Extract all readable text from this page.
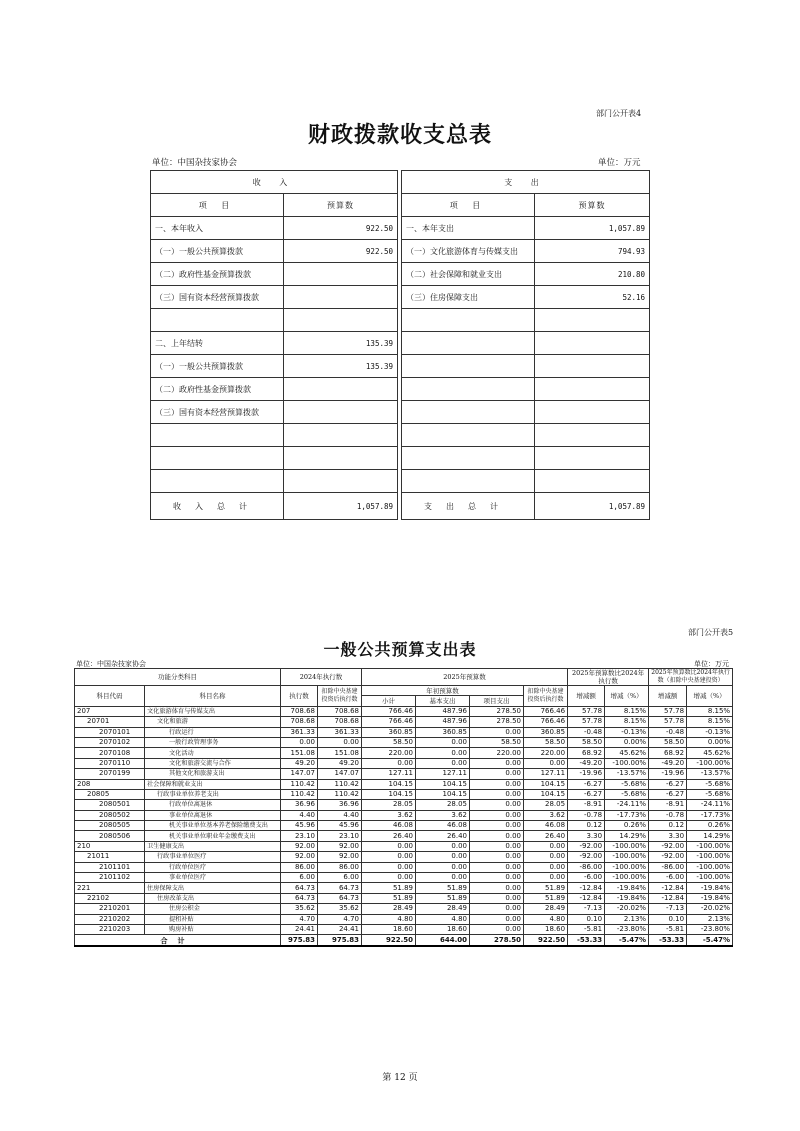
部门公开表4
财政拨款收支总表
单位：中国杂技家协会	单位：万元
收 入			支 出	
项 目	预算数		项 目	预算数
一、本年收入	922.50		一、本年支出	1,057.89
（一）一般公共预算拨款	922.50		（一）文化旅游体育与传媒支出	794.93
（二）政府性基金预算拨款			（二）社会保障和就业支出	210.80
（三）国有资本经营预算拨款			（三）住房保障支出	52.16

二、上年结转	135.39			
（一）一般公共预算拨款	135.39			
（二）政府性基金预算拨款				
（三）国有资本经营预算拨款				

收入总计	1,057.89		支出总计	1,057.89
部门公开表5
一般公共预算支出表
单位：中国杂技家协会	单位：万元
功能分类科目		2024年执行数		2025年预算数				2025年预算数比2024年执行数		2025年预算数比2024年执行数（扣除中央基建投资）	

科目代码	科目名称	执行数	扣除中央基建投资后执行数	年初预算数			扣除中央基建投资后执行数	增减额	增减（%）	增减额	增减（%）
				小计	基本支出	项目支出					
207	文化旅游体育与传媒支出	708.68	708.68	766.46	487.96	278.50	766.46	57.78	8.15%	57.78	8.15%
20701	文化和旅游	708.68	708.68	766.46	487.96	278.50	766.46	57.78	8.15%	57.78	8.15%
2070101	行政运行	361.33	361.33	360.85	360.85	0.00	360.85	-0.48	-0.13%	-0.48	-0.13%
2070102	一般行政管理事务	0.00	0.00	58.50	0.00	58.50	58.50	58.50	0.00%	58.50	0.00%
2070108	文化活动	151.08	151.08	220.00	0.00	220.00	220.00	68.92	45.62%	68.92	45.62%
2070110	文化和旅游交流与合作	49.20	49.20	0.00	0.00	0.00	0.00	-49.20	-100.00%	-49.20	-100.00%
2070199	其他文化和旅游支出	147.07	147.07	127.11	127.11	0.00	127.11	-19.96	-13.57%	-19.96	-13.57%
208	社会保障和就业支出	110.42	110.42	104.15	104.15	0.00	104.15	-6.27	-5.68%	-6.27	-5.68%
20805	行政事业单位养老支出	110.42	110.42	104.15	104.15	0.00	104.15	-6.27	-5.68%	-6.27	-5.68%
2080501	行政单位离退休	36.96	36.96	28.05	28.05	0.00	28.05	-8.91	-24.11%	-8.91	-24.11%
2080502	事业单位离退休	4.40	4.40	3.62	3.62	0.00	3.62	-0.78	-17.73%	-0.78	-17.73%
2080505	机关事业单位基本养老保险缴费支出	45.96	45.96	46.08	46.08	0.00	46.08	0.12	0.26%	0.12	0.26%
2080506	机关事业单位职业年金缴费支出	23.10	23.10	26.40	26.40	0.00	26.40	3.30	14.29%	3.30	14.29%
210	卫生健康支出	92.00	92.00	0.00	0.00	0.00	0.00	-92.00	-100.00%	-92.00	-100.00%
21011	行政事业单位医疗	92.00	92.00	0.00	0.00	0.00	0.00	-92.00	-100.00%	-92.00	-100.00%
2101101	行政单位医疗	86.00	86.00	0.00	0.00	0.00	0.00	-86.00	-100.00%	-86.00	-100.00%
2101102	事业单位医疗	6.00	6.00	0.00	0.00	0.00	0.00	-6.00	-100.00%	-6.00	-100.00%
221	住房保障支出	64.73	64.73	51.89	51.89	0.00	51.89	-12.84	-19.84%	-12.84	-19.84%
22102	住房改革支出	64.73	64.73	51.89	51.89	0.00	51.89	-12.84	-19.84%	-12.84	-19.84%
2210201	住房公积金	35.62	35.62	28.49	28.49	0.00	28.49	-7.13	-20.02%	-7.13	-20.02%
2210202	提租补贴	4.70	4.70	4.80	4.80	0.00	4.80	0.10	2.13%	0.10	2.13%
2210203	购房补贴	24.41	24.41	18.60	18.60	0.00	18.60	-5.81	-23.80%	-5.81	-23.80%
合计		975.83	975.83	922.50	644.00	278.50	922.50	-53.33	-5.47%	-53.33	-5.47%
第 12 页
